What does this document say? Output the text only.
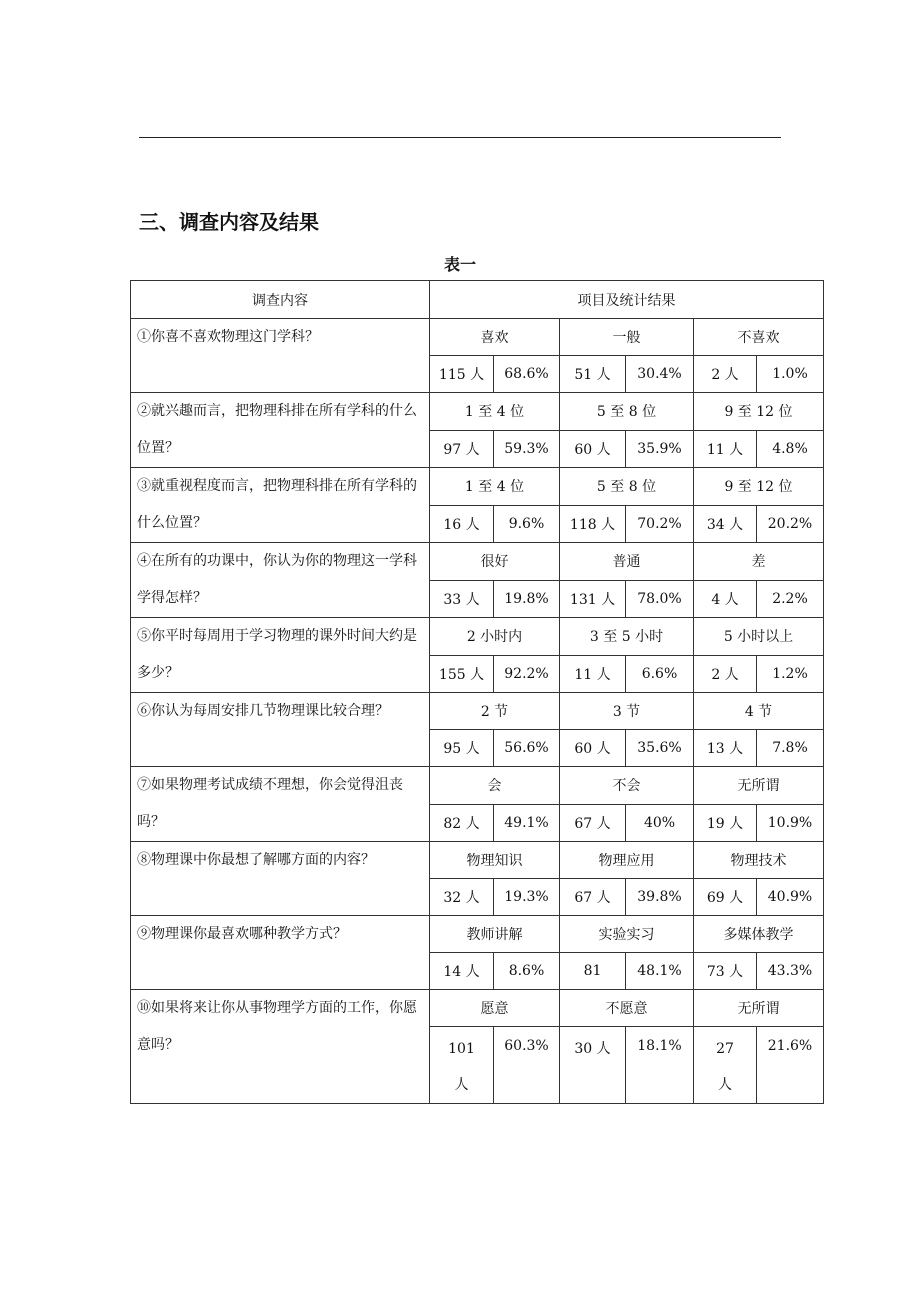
三、调查内容及结果
表一
调查内容	项目及统计结果					

①你喜不喜欢物理这门学科？	喜欢		一般		不喜欢	
	115 人	68.6%	51 人	30.4%	2 人	1.0%

②就兴趣而言，把物理科排在所有学科的什么位置？	1 至 4 位		5 至 8 位		9 至 12 位	
	97 人	59.3%	60 人	35.9%	11 人	4.8%

③就重视程度而言，把物理科排在所有学科的什么位置？	1 至 4 位		5 至 8 位		9 至 12 位	
	16 人	9.6%	118 人	70.2%	34 人	20.2%

④在所有的功课中，你认为你的物理这一学科学得怎样？	很好		普通		差	
	33 人	19.8%	131 人	78.0%	4 人	2.2%

⑤你平时每周用于学习物理的课外时间大约是多少？	2 小时内		3 至 5 小时		5 小时以上	
	155 人	92.2%	11 人	6.6%	2 人	1.2%

⑥你认为每周安排几节物理课比较合理？	2 节		3 节		4 节	
	95 人	56.6%	60 人	35.6%	13 人	7.8%

⑦如果物理考试成绩不理想，你会觉得沮丧吗？	会		不会		无所谓	
	82 人	49.1%	67 人	40%	19 人	10.9%

⑧物理课中你最想了解哪方面的内容？	物理知识		物理应用		物理技术	
	32 人	19.3%	67 人	39.8%	69 人	40.9%

⑨物理课你最喜欢哪种教学方式？	教师讲解		实验实习		多媒体教学	
	14 人	8.6%	81	48.1%	73 人	43.3%

⑩如果将来让你从事物理学方面的工作，你愿意吗？	愿意		不愿意		无所谓	
	101 人	60.3%	30 人	18.1%	27 人	21.6%
